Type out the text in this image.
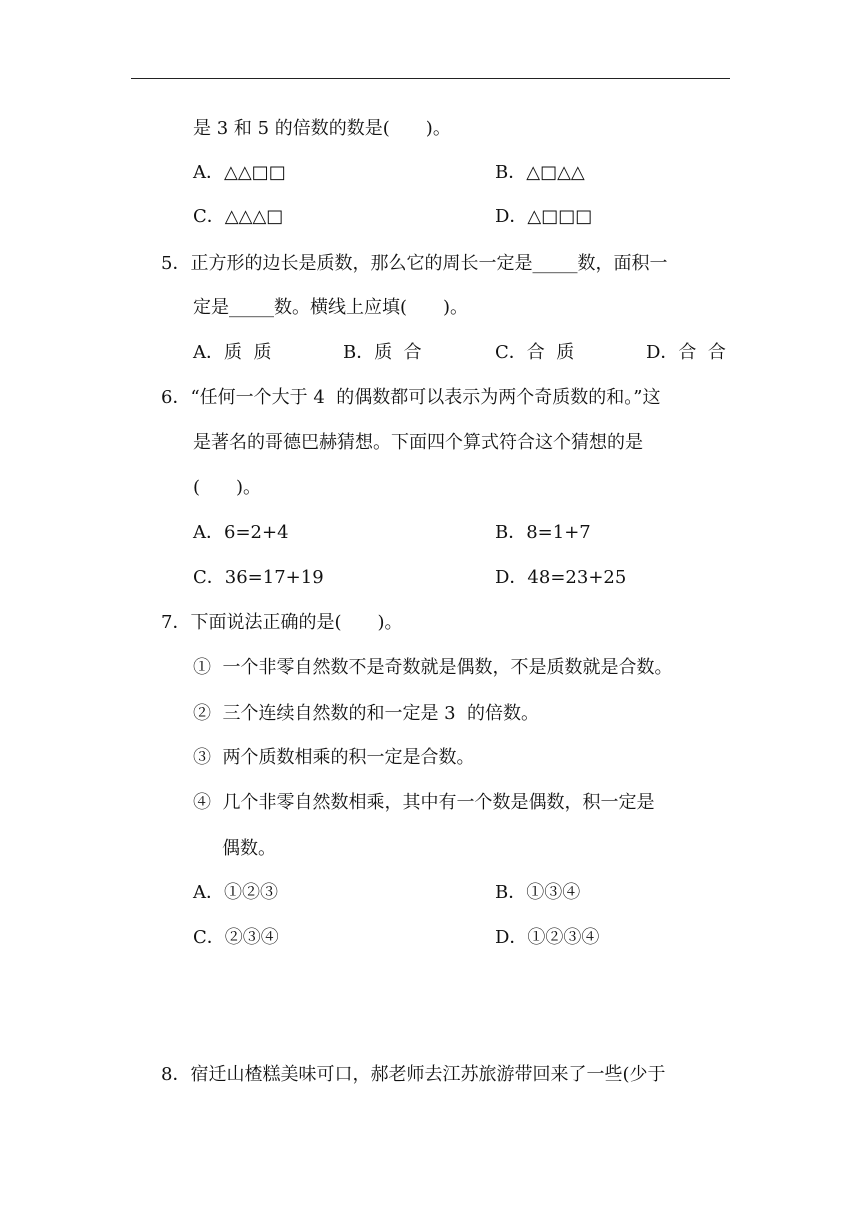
是 3 和 5 的倍数的数是(　　)。
A．△△□□	B．△□△△
C．△△△□	D．△□□□
5．正方形的边长是质数，那么它的周长一定是_____数，面积一
定是_____数。横线上应填(　　)。
A．质  质	B．质  合	C．合  质	D．合  合
6．“任何一个大于 4  的偶数都可以表示为两个奇质数的和。”这
是著名的哥德巴赫猜想。下面四个算式符合这个猜想的是
(　　)。
A．6=2+4	B．8=1+7
C．36=17+19	D．48=23+25
7．下面说法正确的是(　　)。
①  一个非零自然数不是奇数就是偶数，不是质数就是合数。
②  三个连续自然数的和一定是 3  的倍数。
③  两个质数相乘的积一定是合数。
④  几个非零自然数相乘，其中有一个数是偶数，积一定是
偶数。
A．①②③	B．①③④
C．②③④	D．①②③④
8．宿迁山楂糕美味可口，郝老师去江苏旅游带回来了一些(少于
